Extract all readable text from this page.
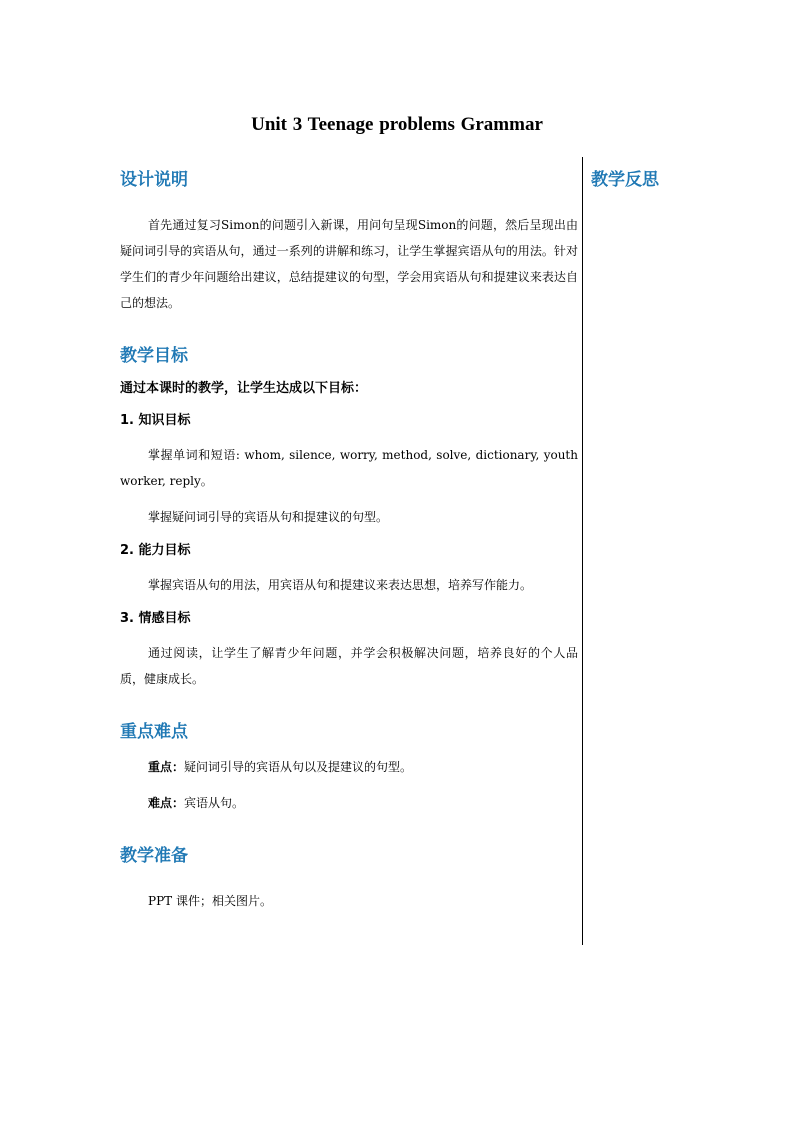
Unit 3 Teenage problems Grammar

教学反思

设计说明

首先通过复习Simon的问题引入新课，用问句呈现Simon的问题，然后呈现出由疑问词引导的宾语从句，通过一系列的讲解和练习，让学生掌握宾语从句的用法。针对学生们的青少年问题给出建议，总结提建议的句型，学会用宾语从句和提建议来表达自己的想法。

教学目标

通过本课时的教学，让学生达成以下目标：

1. 知识目标

掌握单词和短语: whom, silence, worry, method, solve, dictionary, youth worker, reply。

掌握疑问词引导的宾语从句和提建议的句型。

2. 能力目标

掌握宾语从句的用法，用宾语从句和提建议来表达思想，培养写作能力。

3. 情感目标

通过阅读，让学生了解青少年问题，并学会积极解决问题，培养良好的个人品质，健康成长。

重点难点

重点：疑问词引导的宾语从句以及提建议的句型。

难点：宾语从句。

教学准备

PPT 课件；相关图片。
